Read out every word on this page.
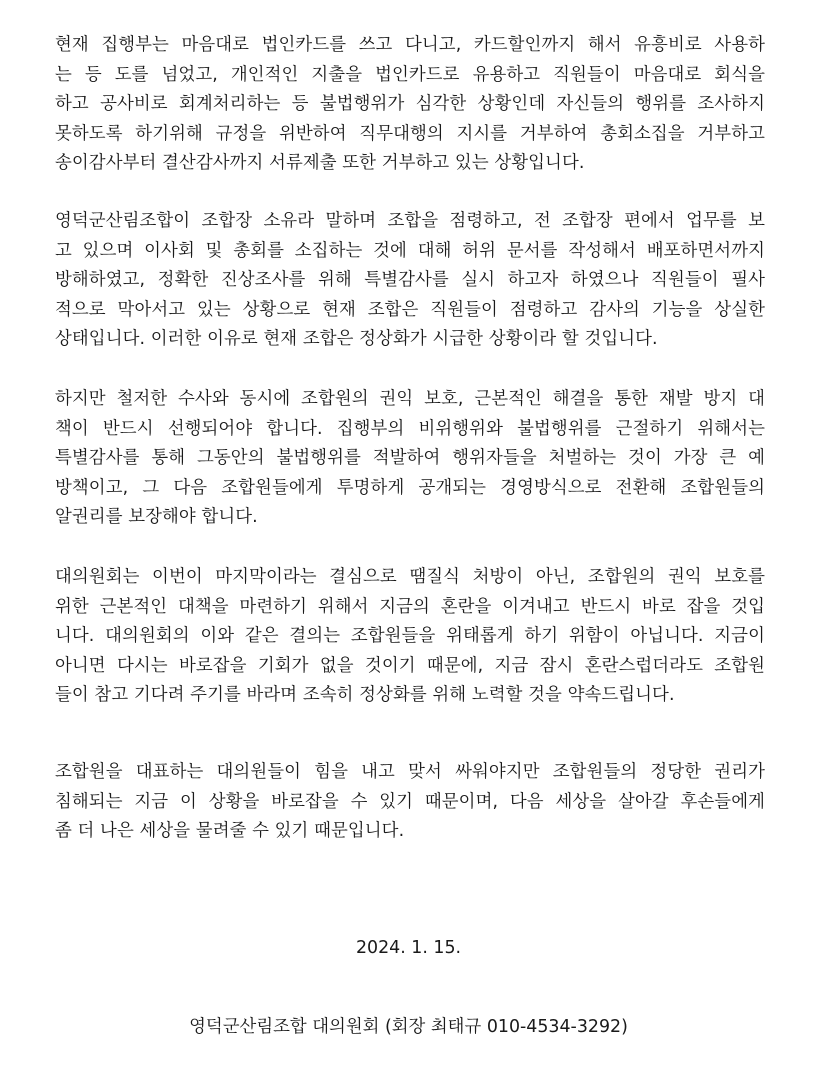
현재 집행부는 마음대로 법인카드를 쓰고 다니고, 카드할인까지 해서 유흥비로 사용하
는 등 도를 넘었고, 개인적인 지출을 법인카드로 유용하고 직원들이 마음대로 회식을
하고 공사비로 회계처리하는 등 불법행위가 심각한 상황인데 자신들의 행위를 조사하지
못하도록 하기위해 규정을 위반하여 직무대행의 지시를 거부하여 총회소집을 거부하고
송이감사부터 결산감사까지 서류제출 또한 거부하고 있는 상황입니다.

영덕군산림조합이 조합장 소유라 말하며 조합을 점령하고, 전 조합장 편에서 업무를 보
고 있으며 이사회 및 총회를 소집하는 것에 대해 허위 문서를 작성해서 배포하면서까지
방해하였고, 정확한 진상조사를 위해 특별감사를 실시 하고자 하였으나 직원들이 필사
적으로 막아서고 있는 상황으로 현재 조합은 직원들이 점령하고 감사의 기능을 상실한
상태입니다. 이러한 이유로 현재 조합은 정상화가 시급한 상황이라 할 것입니다.

하지만 철저한 수사와 동시에 조합원의 권익 보호, 근본적인 해결을 통한 재발 방지 대
책이 반드시 선행되어야 합니다. 집행부의 비위행위와 불법행위를 근절하기 위해서는
특별감사를 통해 그동안의 불법행위를 적발하여 행위자들을 처벌하는 것이 가장 큰 예
방책이고, 그 다음 조합원들에게 투명하게 공개되는 경영방식으로 전환해 조합원들의
알권리를 보장해야 합니다.

대의원회는 이번이 마지막이라는 결심으로 땜질식 처방이 아닌, 조합원의 권익 보호를
위한 근본적인 대책을 마련하기 위해서 지금의 혼란을 이겨내고 반드시 바로 잡을 것입
니다. 대의원회의 이와 같은 결의는 조합원들을 위태롭게 하기 위함이 아닙니다. 지금이
아니면 다시는 바로잡을 기회가 없을 것이기 때문에, 지금 잠시 혼란스럽더라도 조합원
들이 참고 기다려 주기를 바라며 조속히 정상화를 위해 노력할 것을 약속드립니다.

조합원을 대표하는 대의원들이 힘을 내고 맞서 싸워야지만 조합원들의 정당한 권리가
침해되는 지금 이 상황을 바로잡을 수 있기 때문이며, 다음 세상을 살아갈 후손들에게
좀 더 나은 세상을 물려줄 수 있기 때문입니다.

2024. 1. 15.
영덕군산림조합 대의원회 (회장 최태규 010-4534-3292)
